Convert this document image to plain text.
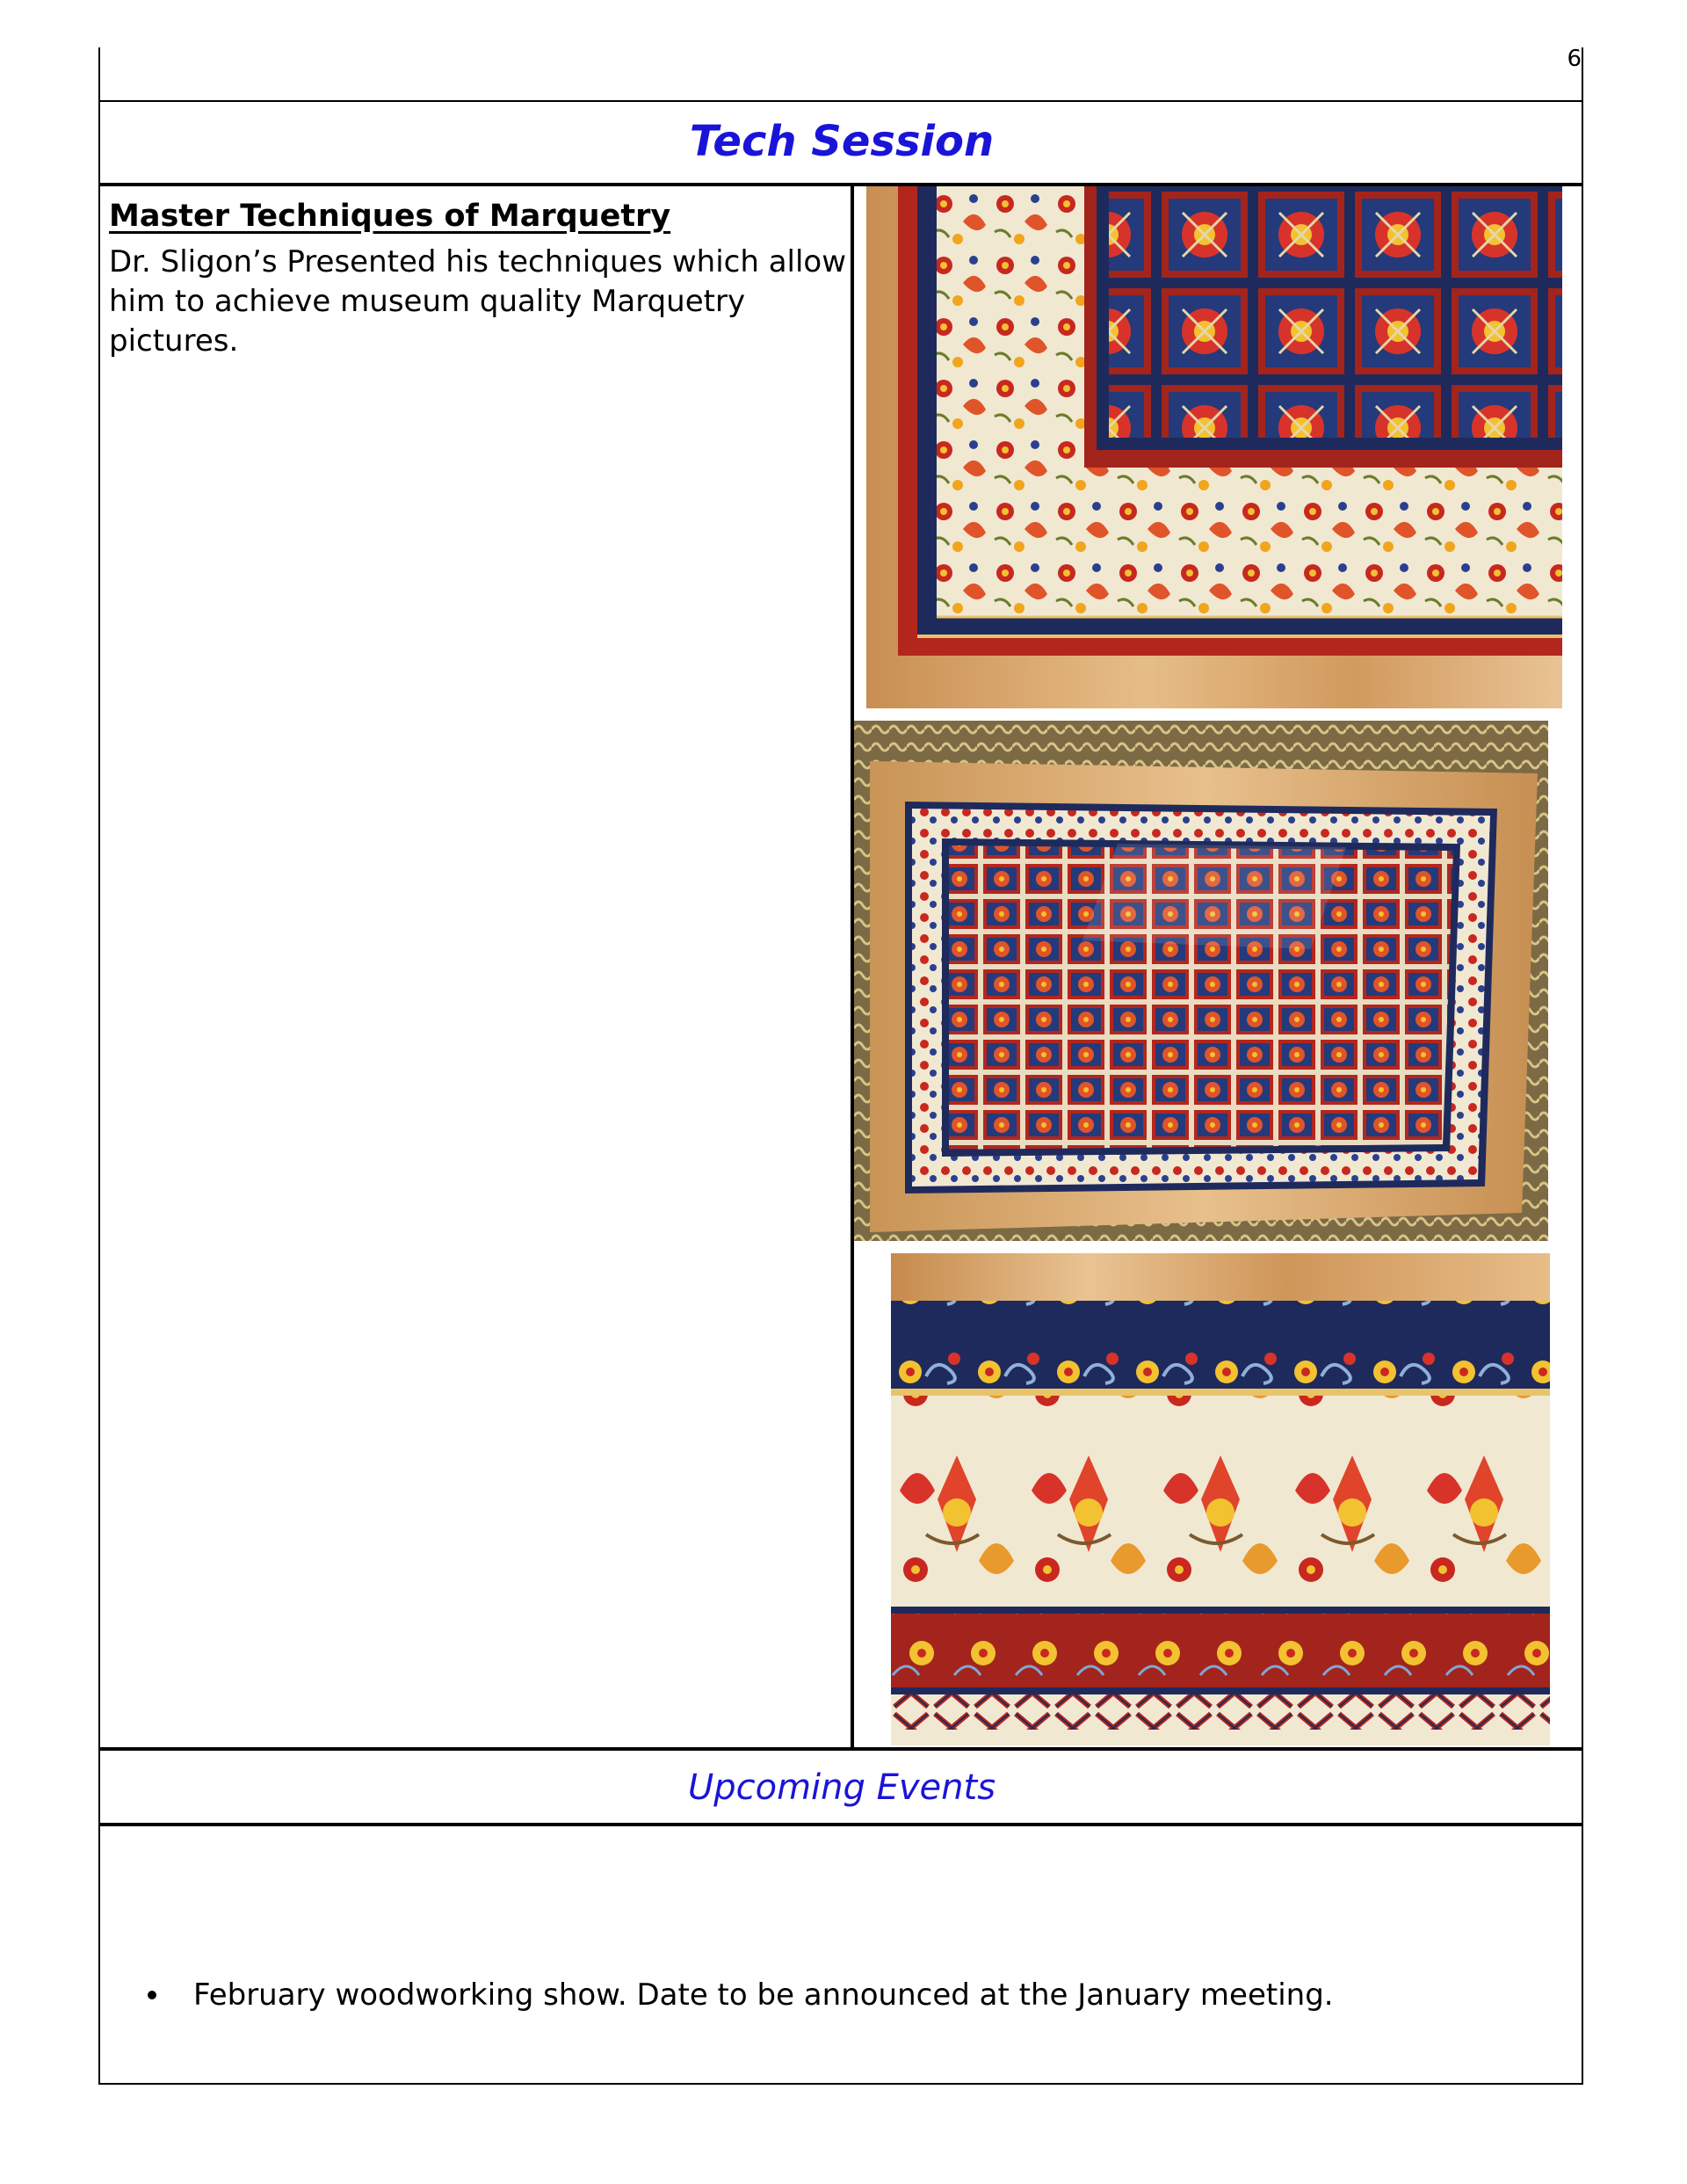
6
Tech Session
Master Techniques of Marquetry
Dr. Sligon’s Presented his techniques which allow him to achieve museum quality Marquetry pictures.
Upcoming Events
February woodworking show. Date to be announced at the January meeting.
